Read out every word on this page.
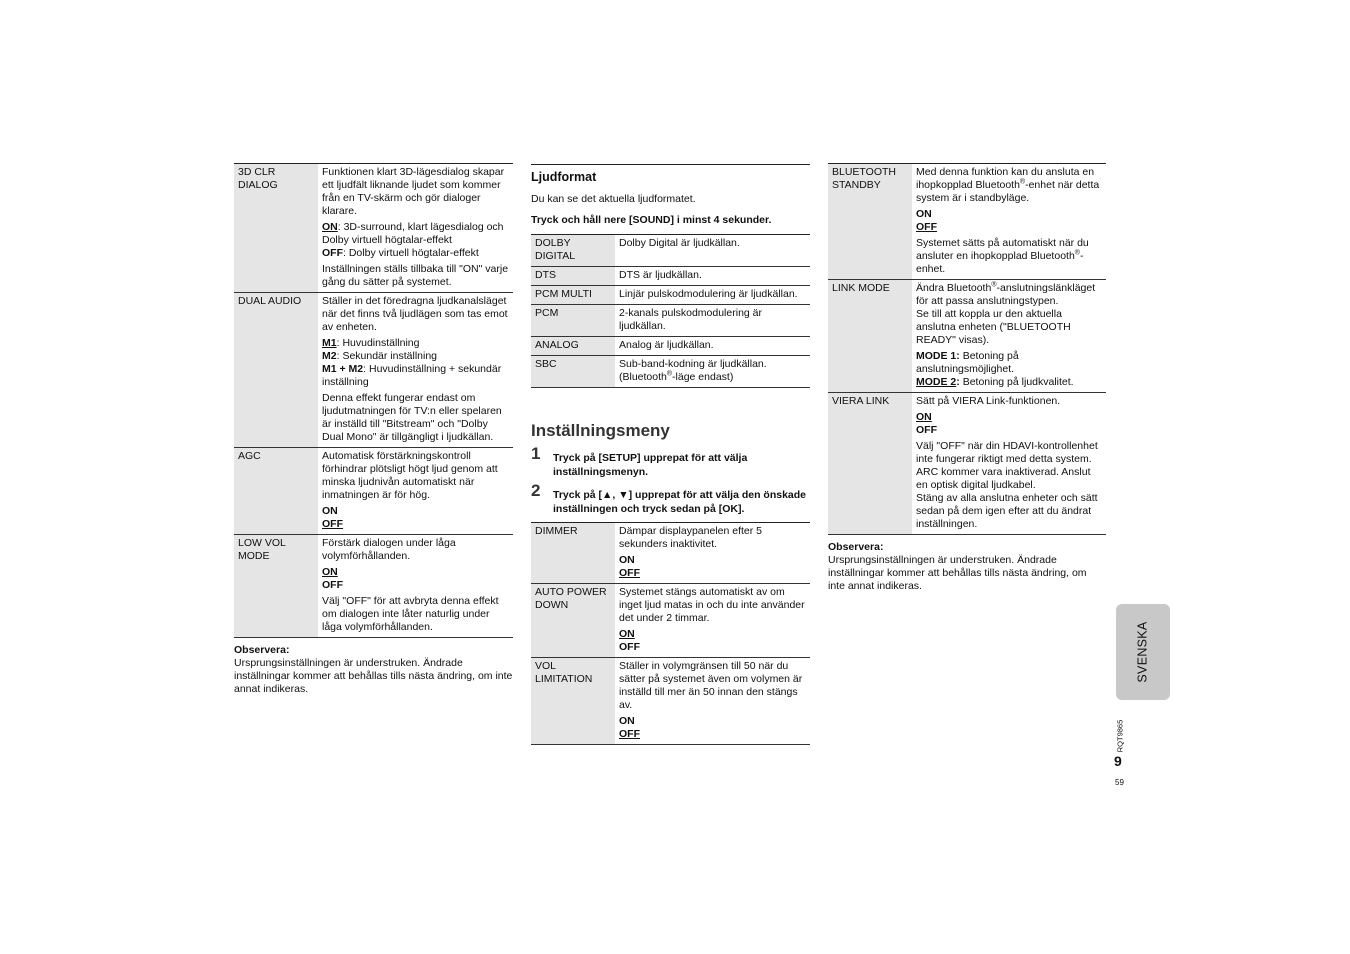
3D CLR DIALOG	Funktionen klart 3D-lägesdialog skapar ett ljudfält liknande ljudet som kommer från en TV-skärm och gör dialoger klarare.
ON: 3D-surround, klart lägesdialog och Dolby virtuell högtalar-effekt
OFF: Dolby virtuell högtalar-effekt
Inställningen ställs tillbaka till "ON" varje gång du sätter på systemet.

DUAL AUDIO	Ställer in det föredragna ljudkanalsläget när det finns två ljudlägen som tas emot av enheten.
M1: Huvudinställning
M2: Sekundär inställning
M1 + M2: Huvudinställning + sekundär inställning
Denna effekt fungerar endast om ljudutmatningen för TV:n eller spelaren är inställd till "Bitstream" och "Dolby Dual Mono" är tillgängligt i ljudkällan.

AGC	Automatisk förstärkningskontroll förhindrar plötsligt högt ljud genom att minska ljudnivån automatiskt när inmatningen är för hög.
ON
OFF

LOW VOL MODE	Förstärk dialogen under låga volymförhållanden.
ON
OFF
Välj "OFF" för att avbryta denna effekt om dialogen inte låter naturlig under låga volymförhållanden.
Observera:
Ursprungsinställningen är understruken. Ändrade inställningar kommer att behållas tills nästa ändring, om inte annat indikeras.
Ljudformat
Du kan se det aktuella ljudformatet.
Tryck och håll nere [SOUND] i minst 4 sekunder.
DOLBY DIGITAL	Dolby Digital är ljudkällan.
DTS	DTS är ljudkällan.
PCM MULTI	Linjär pulskodmodulering är ljudkällan.
PCM	2-kanals pulskodmodulering är ljudkällan.
ANALOG	Analog är ljudkällan.
SBC	Sub-band-kodning är ljudkällan.
(Bluetooth®-läge endast)
Inställningsmeny
1 Tryck på [SETUP] upprepat för att välja inställningsmenyn.
2 Tryck på [▲, ▼] upprepat för att välja den önskade inställningen och tryck sedan på [OK].
DIMMER	Dämpar displaypanelen efter 5 sekunders inaktivitet.
ON
OFF

AUTO POWER DOWN	Systemet stängs automatiskt av om inget ljud matas in och du inte använder det under 2 timmar.
ON
OFF

VOL LIMITATION	Ställer in volymgränsen till 50 när du sätter på systemet även om volymen är inställd till mer än 50 innan den stängs av.
ON
OFF
BLUETOOTH STANDBY	Med denna funktion kan du ansluta en ihopkopplad Bluetooth®-enhet när detta system är i standbyläge.
ON
OFF
Systemet sätts på automatiskt när du ansluter en ihopkopplad Bluetooth®-enhet.

LINK MODE	Ändra Bluetooth®-anslutningslänkläget för att passa anslutningstypen.
Se till att koppla ur den aktuella anslutna enheten ("BLUETOOTH READY" visas).
MODE 1: Betoning på anslutningsmöjlighet.
MODE 2: Betoning på ljudkvalitet.

VIERA LINK	Sätt på VIERA Link-funktionen.
ON
OFF
Välj "OFF" när din HDAVI-kontrollenhet inte fungerar riktigt med detta system. ARC kommer vara inaktiverad. Anslut en optisk digital ljudkabel.
Stäng av alla anslutna enheter och sätt sedan på dem igen efter att du ändrat inställningen.
Observera:
Ursprungsinställningen är understruken. Ändrade inställningar kommer att behållas tills nästa ändring, om inte annat indikeras.
SVENSKA
RQT9865
9
59
